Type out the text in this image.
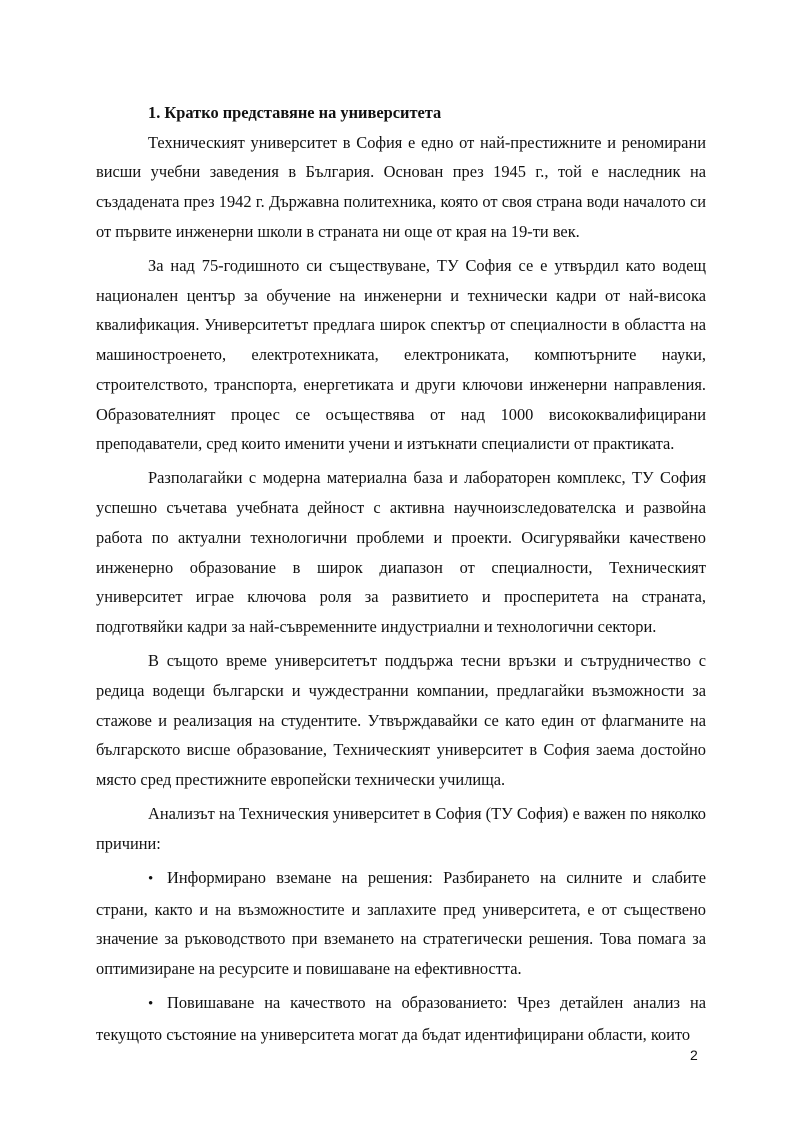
1. Кратко представяне на университета

Техническият университет в София е едно от най-престижните и реномирани висши учебни заведения в България. Основан през 1945 г., той е наследник на създадената през 1942 г. Държавна политехника, която от своя страна води началото си от първите инженерни школи в страната ни още от края на 19-ти век.

За над 75-годишното си съществуване, ТУ София се е утвърдил като водещ национален център за обучение на инженерни и технически кадри от най-висока квалификация. Университетът предлага широк спектър от специалности в областта на машиностроенето, електротехниката, електрониката, компютърните науки, строителството, транспорта, енергетиката и други ключови инженерни направления. Образователният процес се осъществява от над 1000 висококвалифицирани преподаватели, сред които именити учени и изтъкнати специалисти от практиката.

Разполагайки с модерна материална база и лабораторен комплекс, ТУ София успешно съчетава учебната дейност с активна научноизследователска и развойна работа по актуални технологични проблеми и проекти. Осигурявайки качествено инженерно образование в широк диапазон от специалности, Техническият университет играе ключова роля за развитието и просперитета на страната, подготвяйки кадри за най-съвременните индустриални и технологични сектори.

В същото време университетът поддържа тесни връзки и сътрудничество с редица водещи български и чуждестранни компании, предлагайки възможности за стажове и реализация на студентите. Утвърждавайки се като един от флагманите на българското висше образование, Техническият университет в София заема достойно място сред престижните европейски технически училища.

Анализът на Техническия университет в София (ТУ София) е важен по няколко причини:

• Информирано вземане на решения: Разбирането на силните и слабите страни, както и на възможностите и заплахите пред университета, е от съществено значение за ръководството при вземането на стратегически решения. Това помага за оптимизиране на ресурсите и повишаване на ефективността.
• Повишаване на качеството на образованието: Чрез детайлен анализ на текущото състояние на университета могат да бъдат идентифицирани области, които
2
